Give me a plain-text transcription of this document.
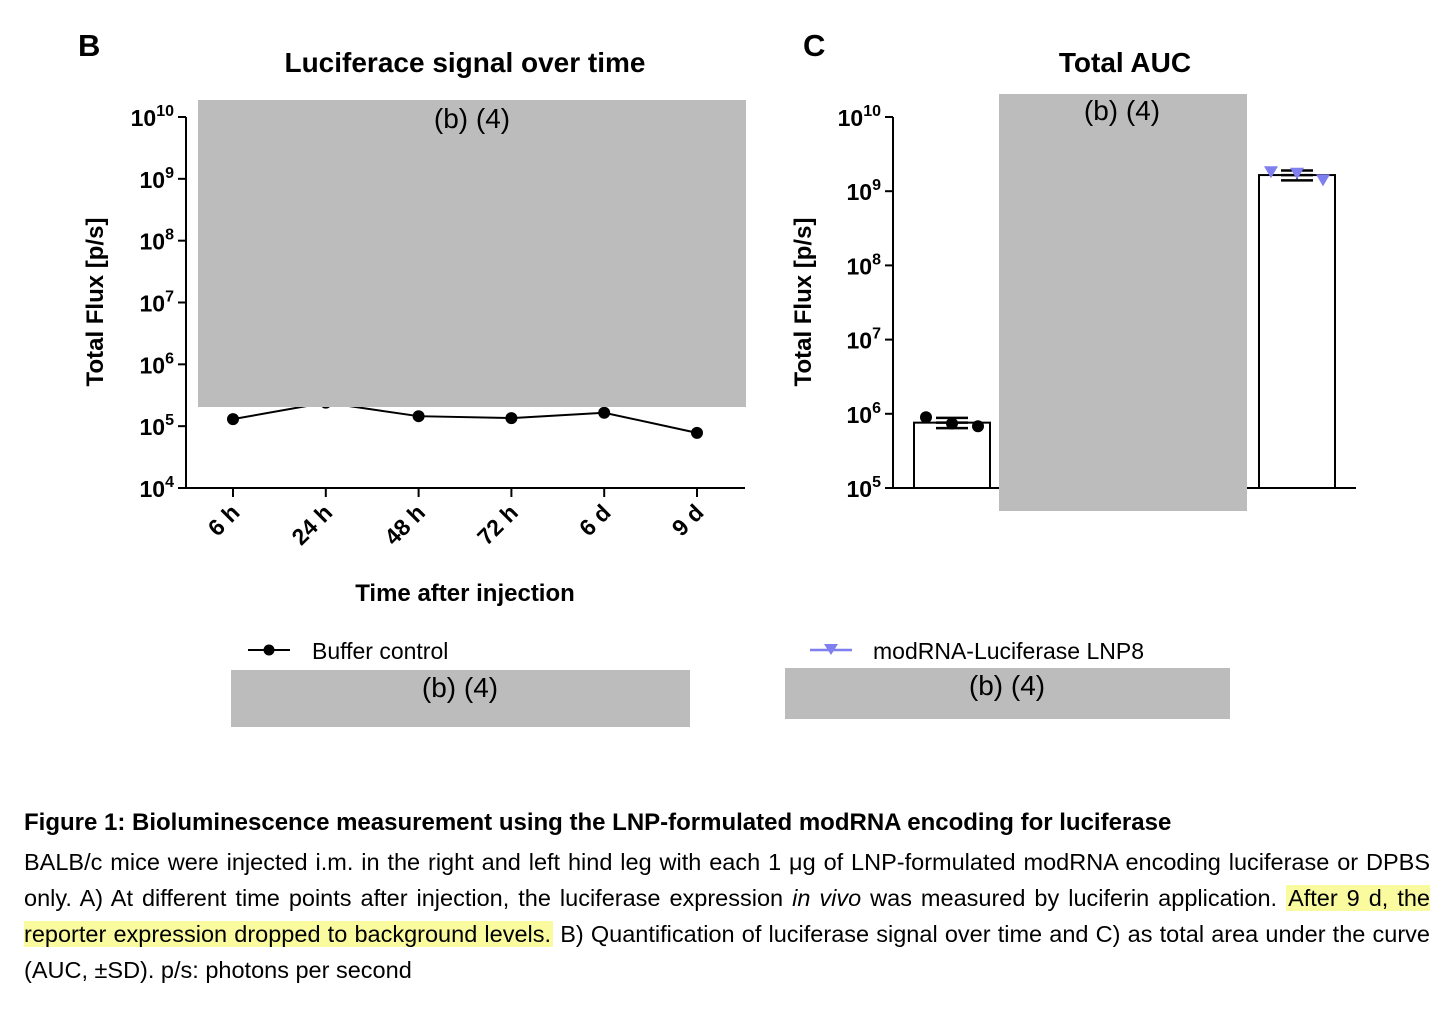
B	Luciferace signal over time
Total Flux [p/s]
Time after injection
$10^4$
$10^5$
$10^6$
$10^7$
$10^8$
$10^9$
$10^{10}$
6 h 24 h 48 h 72 h 6 d 9 d
C	Total AUC
Total Flux [p/s]
$10^5$
$10^6$
$10^7$
$10^8$
$10^9$
$10^{10}$
Buffer control	modRNA-Luciferase LNP8
(b) (4)	(b) (4)
(b) (4)	(b) (4)

Figure 1: Bioluminescence measurement using the LNP-formulated modRNA encoding for luciferase

BALB/c mice were injected i.m. in the right and left hind leg with each 1 μg of LNP-formulated modRNA encoding luciferase or DPBS only. A) At different time points after injection, the luciferase expression in vivo was measured by luciferin application. After 9 d, the reporter expression dropped to background levels. B) Quantification of luciferase signal over time and C) as total area under the curve (AUC, ±SD). p/s: photons per second
